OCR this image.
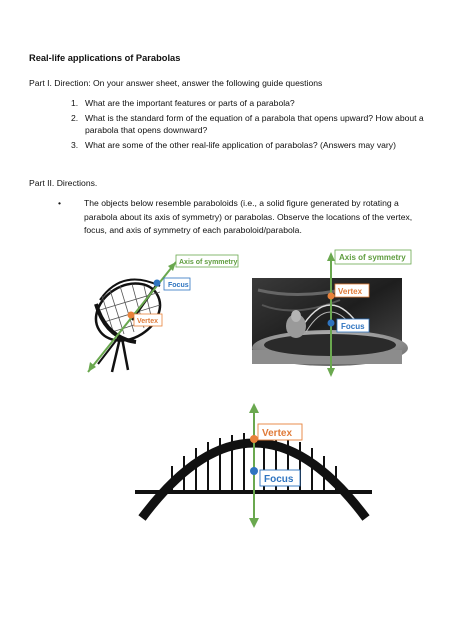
Real-life applications of Parabolas
Part I. Direction: On your answer sheet, answer the following guide questions
1. What are the important features or parts of a parabola?
2. What is the standard form of the equation of a parabola that opens upward? How about a parabola that opens downward?
3. What are some of the other real-life application of parabolas? (Answers may vary)
Part II. Directions.
•	The objects below resemble paraboloids (i.e., a solid figure generated by rotating a parabola about its axis of symmetry) or parabolas. Observe the locations of the vertex, focus, and axis of symmetry of each paraboloid/parabola.
Axis of symmetry
Focus
Vertex
Axis of symmetry
Vertex
Focus
Vertex
Focus
